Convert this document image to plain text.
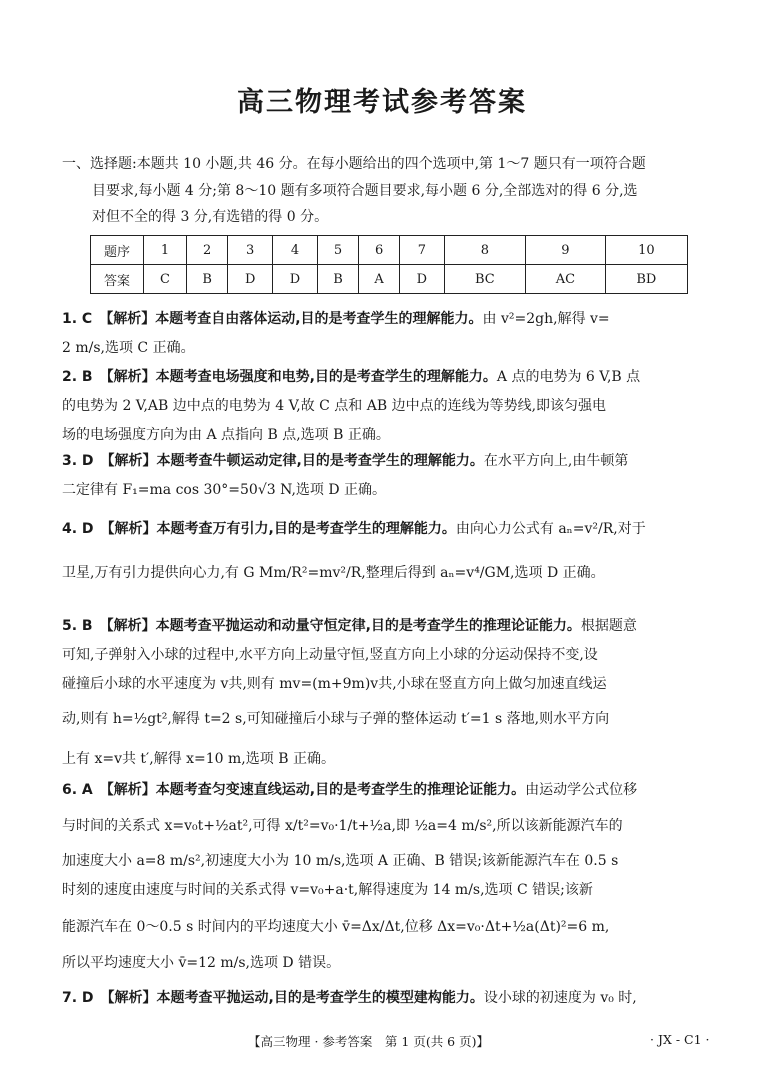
高三物理考试参考答案
一、选择题:本题共 10 小题,共 46 分。在每小题给出的四个选项中,第 1～7 题只有一项符合题

目要求,每小题 4 分;第 8～10 题有多项符合题目要求,每小题 6 分,全部选对的得 6 分,选
对但不全的得 3 分,有选错的得 0 分。
题序	1	2	3	4	5	6	7	8	9	10
答案	C	B	D	D	B	A	D	BC	AC	BD
1. C　【解析】本题考查自由落体运动,目的是考查学生的理解能力。由 v²=2gh,解得 v=
2 m/s,选项 C 正确。
2. B　【解析】本题考查电场强度和电势,目的是考查学生的理解能力。A 点的电势为 6 V,B 点
的电势为 2 V,AB 边中点的电势为 4 V,故 C 点和 AB 边中点的连线为等势线,即该匀强电
场的电场强度方向为由 A 点指向 B 点,选项 B 正确。
3. D　【解析】本题考查牛顿运动定律,目的是考查学生的理解能力。在水平方向上,由牛顿第
二定律有 F₁=ma cos 30°=50√3 N,选项 D 正确。
4. D　【解析】本题考查万有引力,目的是考查学生的理解能力。由向心力公式有 aₙ=v²/R,对于
卫星,万有引力提供向心力,有 G Mm/R²=mv²/R,整理后得到 aₙ=v⁴/GM,选项 D 正确。
5. B　【解析】本题考查平抛运动和动量守恒定律,目的是考查学生的推理论证能力。根据题意
可知,子弹射入小球的过程中,水平方向上动量守恒,竖直方向上小球的分运动保持不变,设
碰撞后小球的水平速度为 v共,则有 mv=(m+9m)v共,小球在竖直方向上做匀加速直线运
动,则有 h=½gt²,解得 t=2 s,可知碰撞后小球与子弹的整体运动 t′=1 s 落地,则水平方向
上有 x=v共 t′,解得 x=10 m,选项 B 正确。
6. A　【解析】本题考查匀变速直线运动,目的是考查学生的推理论证能力。由运动学公式位移
与时间的关系式 x=v₀t+½at²,可得 x/t²=v₀·1/t+½a,即 ½a=4 m/s²,所以该新能源汽车的
加速度大小 a=8 m/s²,初速度大小为 10 m/s,选项 A 正确、B 错误;该新能源汽车在 0.5 s
时刻的速度由速度与时间的关系式得 v=v₀+a·t,解得速度为 14 m/s,选项 C 错误;该新
能源汽车在 0～0.5 s 时间内的平均速度大小 v̄=Δx/Δt,位移 Δx=v₀·Δt+½a(Δt)²=6 m,
所以平均速度大小 v̄=12 m/s,选项 D 错误。
7. D　【解析】本题考查平抛运动,目的是考查学生的模型建构能力。设小球的初速度为 v₀ 时,
【高三物理 · 参考答案　第 1 页(共 6 页)】	· JX - C1 ·
